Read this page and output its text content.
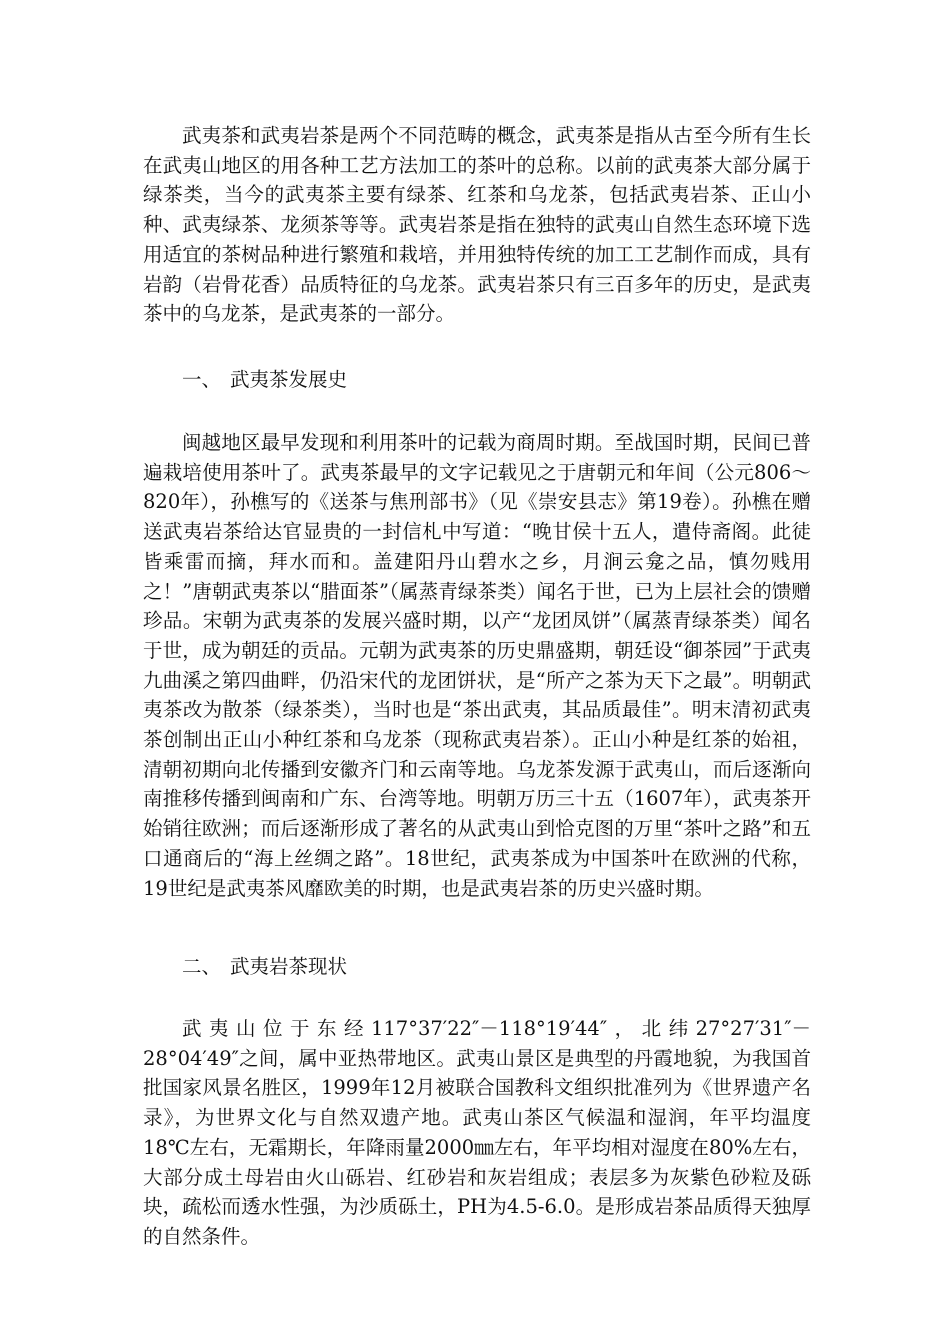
武夷茶和武夷岩茶是两个不同范畴的概念，武夷茶是指从古至今所有生长在武夷山地区的用各种工艺方法加工的茶叶的总称。以前的武夷茶大部分属于绿茶类，当今的武夷茶主要有绿茶、红茶和乌龙茶，包括武夷岩茶、正山小种、武夷绿茶、龙须茶等等。武夷岩茶是指在独特的武夷山自然生态环境下选用适宜的茶树品种进行繁殖和栽培，并用独特传统的加工工艺制作而成，具有岩韵（岩骨花香）品质特征的乌龙茶。武夷岩茶只有三百多年的历史，是武夷茶中的乌龙茶，是武夷茶的一部分。

一、 武夷茶发展史

闽越地区最早发现和利用茶叶的记载为商周时期。至战国时期，民间已普遍栽培使用茶叶了。武夷茶最早的文字记载见之于唐朝元和年间（公元806～820年），孙樵写的《送茶与焦刑部书》（见《崇安县志》第19卷）。孙樵在赠送武夷岩茶给达官显贵的一封信札中写道：“晚甘侯十五人，遣侍斋阁。此徒皆乘雷而摘，拜水而和。盖建阳丹山碧水之乡，月涧云龛之品，慎勿贱用之！”唐朝武夷茶以“腊面茶”（属蒸青绿茶类）闻名于世，已为上层社会的馈赠珍品。宋朝为武夷茶的发展兴盛时期，以产“龙团凤饼”（属蒸青绿茶类）闻名于世，成为朝廷的贡品。元朝为武夷茶的历史鼎盛期，朝廷设“御茶园”于武夷九曲溪之第四曲畔，仍沿宋代的龙团饼状，是“所产之茶为天下之最”。明朝武夷茶改为散茶（绿茶类），当时也是“茶出武夷，其品质最佳”。明末清初武夷茶创制出正山小种红茶和乌龙茶（现称武夷岩茶）。正山小种是红茶的始祖，清朝初期向北传播到安徽齐门和云南等地。乌龙茶发源于武夷山，而后逐渐向南推移传播到闽南和广东、台湾等地。明朝万历三十五（1607年），武夷茶开始销往欧洲；而后逐渐形成了著名的从武夷山到恰克图的万里“茶叶之路”和五口通商后的“海上丝绸之路”。18世纪，武夷茶成为中国茶叶在欧洲的代称，19世纪是武夷茶风靡欧美的时期，也是武夷岩茶的历史兴盛时期。

二、 武夷岩茶现状

武夷山位于东经117°37′22″－118°19′44″，北纬27°27′31″－28°04′49″之间，属中亚热带地区。武夷山景区是典型的丹霞地貌，为我国首批国家风景名胜区，1999年12月被联合国教科文组织批准列为《世界遗产名录》，为世界文化与自然双遗产地。武夷山茶区气候温和湿润，年平均温度18℃左右，无霜期长，年降雨量2000㎜左右，年平均相对湿度在80%左右，大部分成土母岩由火山砾岩、红砂岩和灰岩组成；表层多为灰紫色砂粒及砾块，疏松而透水性强，为沙质砾土，PH为4.5-6.0。是形成岩茶品质得天独厚的自然条件。
